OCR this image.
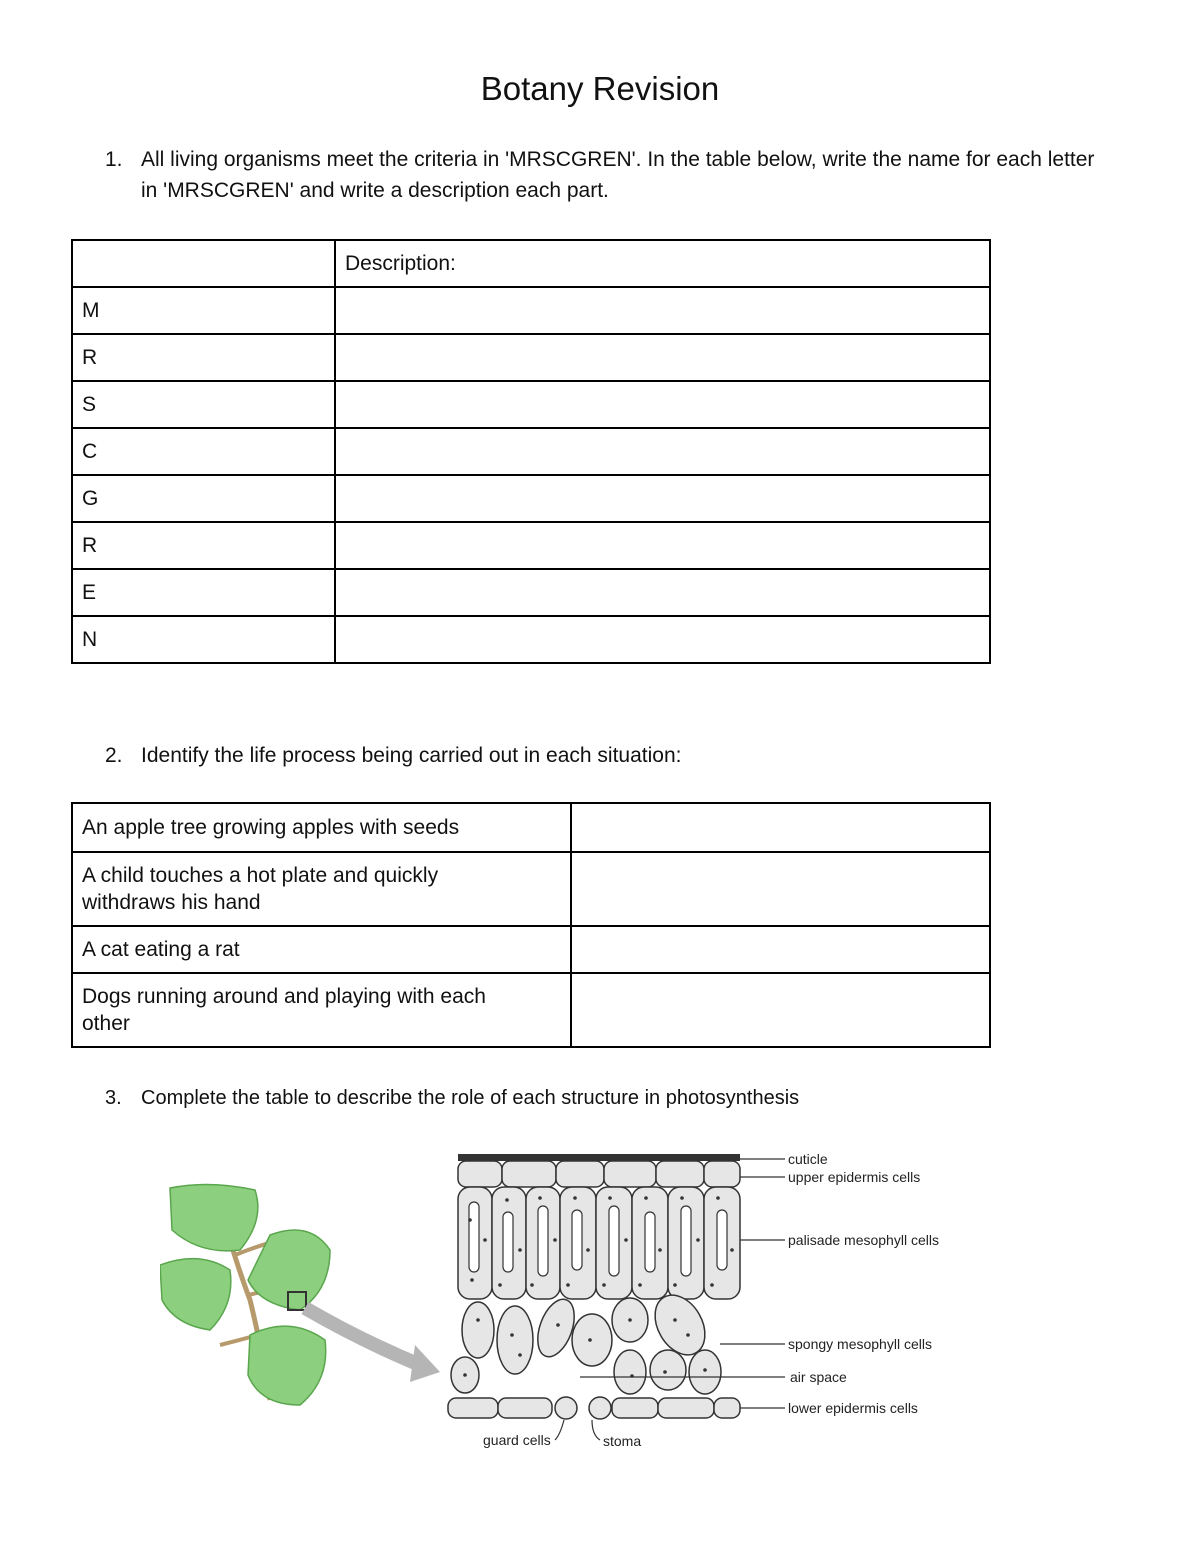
Botany Revision
1. All living organisms meet the criteria in 'MRSCGREN'. In the table below, write the name for each letter in 'MRSCGREN' and write a description each part.
	Description:
M	
R	
S	
C	
G	
R	
E	
N	
2. Identify the life process being carried out in each situation:
An apple tree growing apples with seeds	
A child touches a hot plate and quickly withdraws his hand	
A cat eating a rat	
Dogs running around and playing with each other	
3. Complete the table to describe the role of each structure in photosynthesis
cuticle
upper epidermis cells
palisade mesophyll cells
spongy mesophyll cells
air space
lower epidermis cells
guard cells	stoma
